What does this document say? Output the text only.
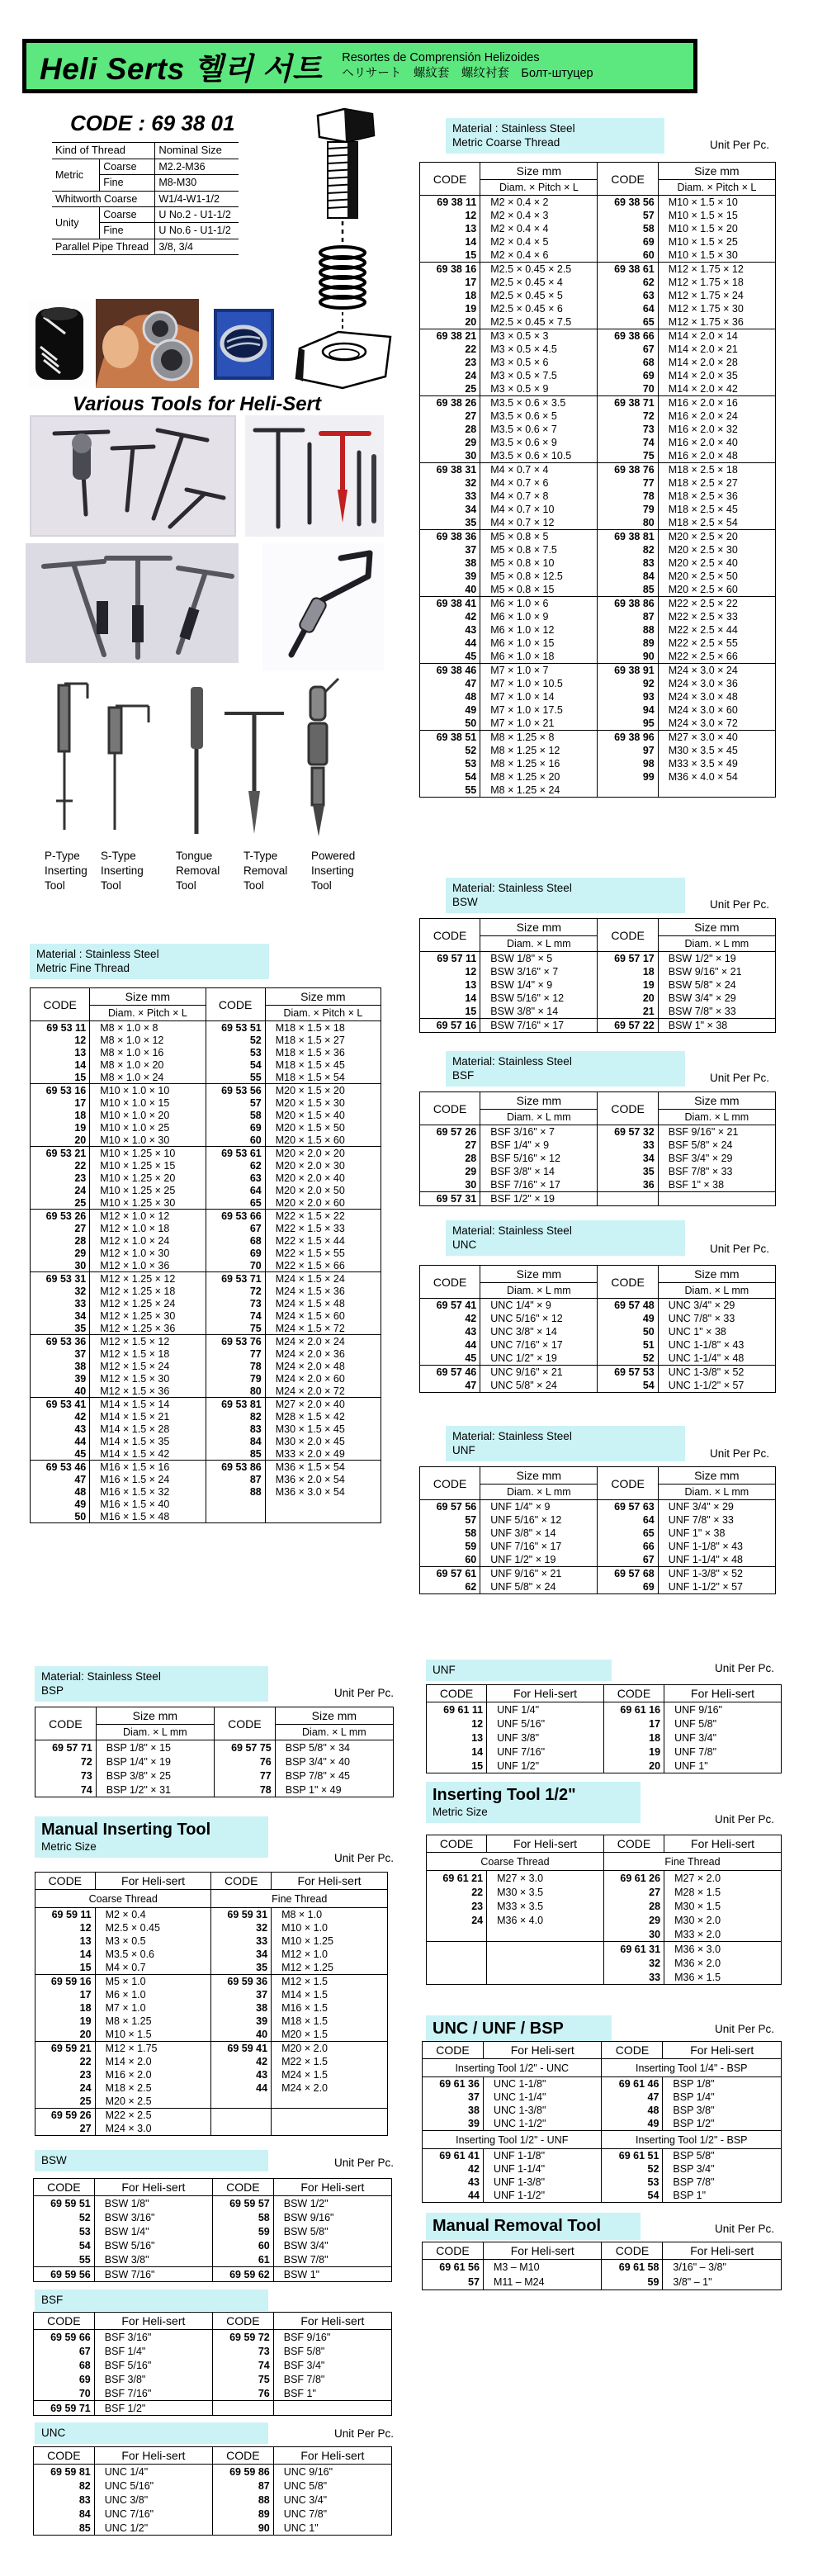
Heli Serts 헬리 서트 Resortes de Comprensión Helizoides
ヘリサート　螺紋套　螺纹衬套　Болт-штуцер
CODE : 69 38 01
Kind of Thread		Nominal Size
Metric	Coarse	M2.2-M36
	Fine	M8-M30
Whitworth Coarse		W1/4-W1-1/2
Unity	Coarse	U No.2 - U1-1/2
	Fine	U No.6 - U1-1/2
Parallel Pipe Thread		3/8, 3/4
Various Tools for Heli-Sert
P-Type
Inserting
Tool
S-Type
Inserting
Tool
Tongue
Removal
Tool
T-Type
Removal
Tool
Powered
Inserting
Tool
Material : Stainless Steel
Metric Coarse Thread	Unit Per Pc.
CODE	Size mm	CODE	Size mm
	Diam. × Pitch × L		Diam. × Pitch × L
69 38 11	M2 × 0.4 × 2	69 38 56	M10 × 1.5 × 10
12	M2 × 0.4 × 3	57	M10 × 1.5 × 15
13	M2 × 0.4 × 4	58	M10 × 1.5 × 20
14	M2 × 0.4 × 5	69	M10 × 1.5 × 25
15	M2 × 0.4 × 6	60	M10 × 1.5 × 30
69 38 16	M2.5 × 0.45 × 2.5	69 38 61	M12 × 1.75 × 12
17	M2.5 × 0.45 × 4	62	M12 × 1.75 × 18
18	M2.5 × 0.45 × 5	63	M12 × 1.75 × 24
19	M2.5 × 0.45 × 6	64	M12 × 1.75 × 30
20	M2.5 × 0.45 × 7.5	65	M12 × 1.75 × 36
69 38 21	M3 × 0.5 × 3	69 38 66	M14 × 2.0 × 14
22	M3 × 0.5 × 4.5	67	M14 × 2.0 × 21
23	M3 × 0.5 × 6	68	M14 × 2.0 × 28
24	M3 × 0.5 × 7.5	69	M14 × 2.0 × 35
25	M3 × 0.5 × 9	70	M14 × 2.0 × 42
69 38 26	M3.5 × 0.6 × 3.5	69 38 71	M16 × 2.0 × 16
27	M3.5 × 0.6 × 5	72	M16 × 2.0 × 24
28	M3.5 × 0.6 × 7	73	M16 × 2.0 × 32
29	M3.5 × 0.6 × 9	74	M16 × 2.0 × 40
30	M3.5 × 0.6 × 10.5	75	M16 × 2.0 × 48
69 38 31	M4 × 0.7 × 4	69 38 76	M18 × 2.5 × 18
32	M4 × 0.7 × 6	77	M18 × 2.5 × 27
33	M4 × 0.7 × 8	78	M18 × 2.5 × 36
34	M4 × 0.7 × 10	79	M18 × 2.5 × 45
35	M4 × 0.7 × 12	80	M18 × 2.5 × 54
69 38 36	M5 × 0.8 × 5	69 38 81	M20 × 2.5 × 20
37	M5 × 0.8 × 7.5	82	M20 × 2.5 × 30
38	M5 × 0.8 × 10	83	M20 × 2.5 × 40
39	M5 × 0.8 × 12.5	84	M20 × 2.5 × 50
40	M5 × 0.8 × 15	85	M20 × 2.5 × 60
69 38 41	M6 × 1.0 × 6	69 38 86	M22 × 2.5 × 22
42	M6 × 1.0 × 9	87	M22 × 2.5 × 33
43	M6 × 1.0 × 12	88	M22 × 2.5 × 44
44	M6 × 1.0 × 15	89	M22 × 2.5 × 55
45	M6 × 1.0 × 18	90	M22 × 2.5 × 66
69 38 46	M7 × 1.0 × 7	69 38 91	M24 × 3.0 × 24
47	M7 × 1.0 × 10.5	92	M24 × 3.0 × 36
48	M7 × 1.0 × 14	93	M24 × 3.0 × 48
49	M7 × 1.0 × 17.5	94	M24 × 3.0 × 60
50	M7 × 1.0 × 21	95	M24 × 3.0 × 72
69 38 51	M8 × 1.25 × 8	69 38 96	M27 × 3.0 × 40
52	M8 × 1.25 × 12	97	M30 × 3.5 × 45
53	M8 × 1.25 × 16	98	M33 × 3.5 × 49
54	M8 × 1.25 × 20	99	M36 × 4.0 × 54
55	M8 × 1.25 × 24		
Material: Stainless Steel
BSW	Unit Per Pc.
CODE	Size mm	CODE	Size mm
	Diam. × L mm		Diam. × L mm
69 57 11	BSW 1/8" × 5	69 57 17	BSW 1/2" × 19
12	BSW 3/16" × 7	18	BSW 9/16" × 21
13	BSW 1/4" × 9	19	BSW 5/8" × 24
14	BSW 5/16" × 12	20	BSW 3/4" × 29
15	BSW 3/8" × 14	21	BSW 7/8" × 33
69 57 16	BSW 7/16" × 17	69 57 22	BSW 1" × 38
Material: Stainless Steel
BSF	Unit Per Pc.
CODE	Size mm	CODE	Size mm
	Diam. × L mm		Diam. × L mm
69 57 26	BSF 3/16" × 7	69 57 32	BSF 9/16" × 21
27	BSF 1/4" × 9	33	BSF 5/8" × 24
28	BSF 5/16" × 12	34	BSF 3/4" × 29
29	BSF 3/8" × 14	35	BSF 7/8" × 33
30	BSF 7/16" × 17	36	BSF 1" × 38
69 57 31	BSF 1/2" × 19		
Material: Stainless Steel
UNC	Unit Per Pc.
CODE	Size mm	CODE	Size mm
	Diam. × L mm		Diam. × L mm
69 57 41	UNC 1/4" × 9	69 57 48	UNC 3/4" × 29
42	UNC 5/16" × 12	49	UNC 7/8" × 33
43	UNC 3/8" × 14	50	UNC 1" × 38
44	UNC 7/16" × 17	51	UNC 1-1/8" × 43
45	UNC 1/2" × 19	52	UNC 1-1/4" × 48
69 57 46	UNC 9/16" × 21	69 57 53	UNC 1-3/8" × 52
47	UNC 5/8" × 24	54	UNC 1-1/2" × 57
Material: Stainless Steel
UNF	Unit Per Pc.
CODE	Size mm	CODE	Size mm
	Diam. × L mm		Diam. × L mm
69 57 56	UNF 1/4" × 9	69 57 63	UNF 3/4" × 29
57	UNF 5/16" × 12	64	UNF 7/8" × 33
58	UNF 3/8" × 14	65	UNF 1" × 38
59	UNF 7/16" × 17	66	UNF 1-1/8" × 43
60	UNF 1/2" × 19	67	UNF 1-1/4" × 48
69 57 61	UNF 9/16" × 21	69 57 68	UNF 1-3/8" × 52
62	UNF 5/8" × 24	69	UNF 1-1/2" × 57
UNF	Unit Per Pc.
CODE	For Heli-sert	CODE	For Heli-sert
69 61 11	UNF 1/4"	69 61 16	UNF 9/16"
12	UNF 5/16"	17	UNF 5/8"
13	UNF 3/8"	18	UNF 3/4"
14	UNF 7/16"	19	UNF 7/8"
15	UNF 1/2"	20	UNF 1"
Inserting Tool 1/2"
Metric Size
Unit Per Pc.
CODE	For Heli-sert	CODE	For Heli-sert
Coarse Thread		Fine Thread	
69 61 21	M27 × 3.0	69 61 26	M27 × 2.0
22	M30 × 3.5	27	M28 × 1.5
23	M33 × 3.5	28	M30 × 1.5
24	M36 × 4.0	29	M30 × 2.0
		30	M33 × 2.0
		69 61 31	M36 × 3.0
		32	M36 × 2.0
		33	M36 × 1.5
UNC / UNF / BSP	Unit Per Pc.
CODE	For Heli-sert	CODE	For Heli-sert
Inserting Tool 1/2" - UNC		Inserting Tool 1/4" - BSP	
69 61 36	UNC 1-1/8"	69 61 46	BSP 1/8"
37	UNC 1-1/4"	47	BSP 1/4"
38	UNC 1-3/8"	48	BSP 3/8"
39	UNC 1-1/2"	49	BSP 1/2"
Inserting Tool 1/2" - UNF		Inserting Tool 1/2" - BSP	
69 61 41	UNF 1-1/8"	69 61 51	BSP 5/8"
42	UNF 1-1/4"	52	BSP 3/4"
43	UNF 1-3/8"	53	BSP 7/8"
44	UNF 1-1/2"	54	BSP 1"
Manual Removal Tool	Unit Per Pc.
CODE	For Heli-sert	CODE	For Heli-sert
69 61 56	M3 – M10	69 61 58	3/16" – 3/8"
57	M11 – M24	59	3/8" – 1"
Material : Stainless Steel
Metric Fine Thread
CODE	Size mm	CODE	Size mm
	Diam. × Pitch × L		Diam. × Pitch × L
69 53 11	M8 × 1.0 × 8	69 53 51	M18 × 1.5 × 18
12	M8 × 1.0 × 12	52	M18 × 1.5 × 27
13	M8 × 1.0 × 16	53	M18 × 1.5 × 36
14	M8 × 1.0 × 20	54	M18 × 1.5 × 45
15	M8 × 1.0 × 24	55	M18 × 1.5 × 54
69 53 16	M10 × 1.0 × 10	69 53 56	M20 × 1.5 × 20
17	M10 × 1.0 × 15	57	M20 × 1.5 × 30
18	M10 × 1.0 × 20	58	M20 × 1.5 × 40
19	M10 × 1.0 × 25	69	M20 × 1.5 × 50
20	M10 × 1.0 × 30	60	M20 × 1.5 × 60
69 53 21	M10 × 1.25 × 10	69 53 61	M20 × 2.0 × 20
22	M10 × 1.25 × 15	62	M20 × 2.0 × 30
23	M10 × 1.25 × 20	63	M20 × 2.0 × 40
24	M10 × 1.25 × 25	64	M20 × 2.0 × 50
25	M10 × 1.25 × 30	65	M20 × 2.0 × 60
69 53 26	M12 × 1.0 × 12	69 53 66	M22 × 1.5 × 22
27	M12 × 1.0 × 18	67	M22 × 1.5 × 33
28	M12 × 1.0 × 24	68	M22 × 1.5 × 44
29	M12 × 1.0 × 30	69	M22 × 1.5 × 55
30	M12 × 1.0 × 36	70	M22 × 1.5 × 66
69 53 31	M12 × 1.25 × 12	69 53 71	M24 × 1.5 × 24
32	M12 × 1.25 × 18	72	M24 × 1.5 × 36
33	M12 × 1.25 × 24	73	M24 × 1.5 × 48
34	M12 × 1.25 × 30	74	M24 × 1.5 × 60
35	M12 × 1.25 × 36	75	M24 × 1.5 × 72
69 53 36	M12 × 1.5 × 12	69 53 76	M24 × 2.0 × 24
37	M12 × 1.5 × 18	77	M24 × 2.0 × 36
38	M12 × 1.5 × 24	78	M24 × 2.0 × 48
39	M12 × 1.5 × 30	79	M24 × 2.0 × 60
40	M12 × 1.5 × 36	80	M24 × 2.0 × 72
69 53 41	M14 × 1.5 × 14	69 53 81	M27 × 2.0 × 40
42	M14 × 1.5 × 21	82	M28 × 1.5 × 42
43	M14 × 1.5 × 28	83	M30 × 1.5 × 45
44	M14 × 1.5 × 35	84	M30 × 2.0 × 45
45	M14 × 1.5 × 42	85	M33 × 2.0 × 49
69 53 46	M16 × 1.5 × 16	69 53 86	M36 × 1.5 × 54
47	M16 × 1.5 × 24	87	M36 × 2.0 × 54
48	M16 × 1.5 × 32	88	M36 × 3.0 × 54
49	M16 × 1.5 × 40		
50	M16 × 1.5 × 48		
Material: Stainless Steel
BSP	Unit Per Pc.
CODE	Size mm	CODE	Size mm
	Diam. × L mm		Diam. × L mm
69 57 71	BSP 1/8" × 15	69 57 75	BSP 5/8" × 34
72	BSP 1/4" × 19	76	BSP 3/4" × 40
73	BSP 3/8" × 25	77	BSP 7/8" × 45
74	BSP 1/2" × 31	78	BSP 1" × 49
Manual Inserting Tool
Metric Size
Unit Per Pc.
CODE	For Heli-sert	CODE	For Heli-sert
Coarse Thread		Fine Thread	
69 59 11	M2 × 0.4	69 59 31	M8 × 1.0
12	M2.5 × 0.45	32	M10 × 1.0
13	M3 × 0.5	33	M10 × 1.25
14	M3.5 × 0.6	34	M12 × 1.0
15	M4 × 0.7	35	M12 × 1.25
69 59 16	M5 × 1.0	69 59 36	M12 × 1.5
17	M6 × 1.0	37	M14 × 1.5
18	M7 × 1.0	38	M16 × 1.5
19	M8 × 1.25	39	M18 × 1.5
20	M10 × 1.5	40	M20 × 1.5
69 59 21	M12 × 1.75	69 59 41	M20 × 2.0
22	M14 × 2.0	42	M22 × 1.5
23	M16 × 2.0	43	M24 × 1.5
24	M18 × 2.5	44	M24 × 2.0
25	M20 × 2.5		
69 59 26	M22 × 2.5		
27	M24 × 3.0		
BSW	Unit Per Pc.
CODE	For Heli-sert	CODE	For Heli-sert
69 59 51	BSW 1/8"	69 59 57	BSW 1/2"
52	BSW 3/16"	58	BSW 9/16"
53	BSW 1/4"	59	BSW 5/8"
54	BSW 5/16"	60	BSW 3/4"
55	BSW 3/8"	61	BSW 7/8"
69 59 56	BSW 7/16"	69 59 62	BSW 1"
BSF
CODE	For Heli-sert	CODE	For Heli-sert
69 59 66	BSF 3/16"	69 59 72	BSF 9/16"
67	BSF 1/4"	73	BSF 5/8"
68	BSF 5/16"	74	BSF 3/4"
69	BSF 3/8"	75	BSF 7/8"
70	BSF 7/16"	76	BSF 1"
69 59 71	BSF 1/2"		
UNC	Unit Per Pc.
CODE	For Heli-sert	CODE	For Heli-sert
69 59 81	UNC 1/4"	69 59 86	UNC 9/16"
82	UNC 5/16"	87	UNC 5/8"
83	UNC 3/8"	88	UNC 3/4"
84	UNC 7/16"	89	UNC 7/8"
85	UNC 1/2"	90	UNC 1"
